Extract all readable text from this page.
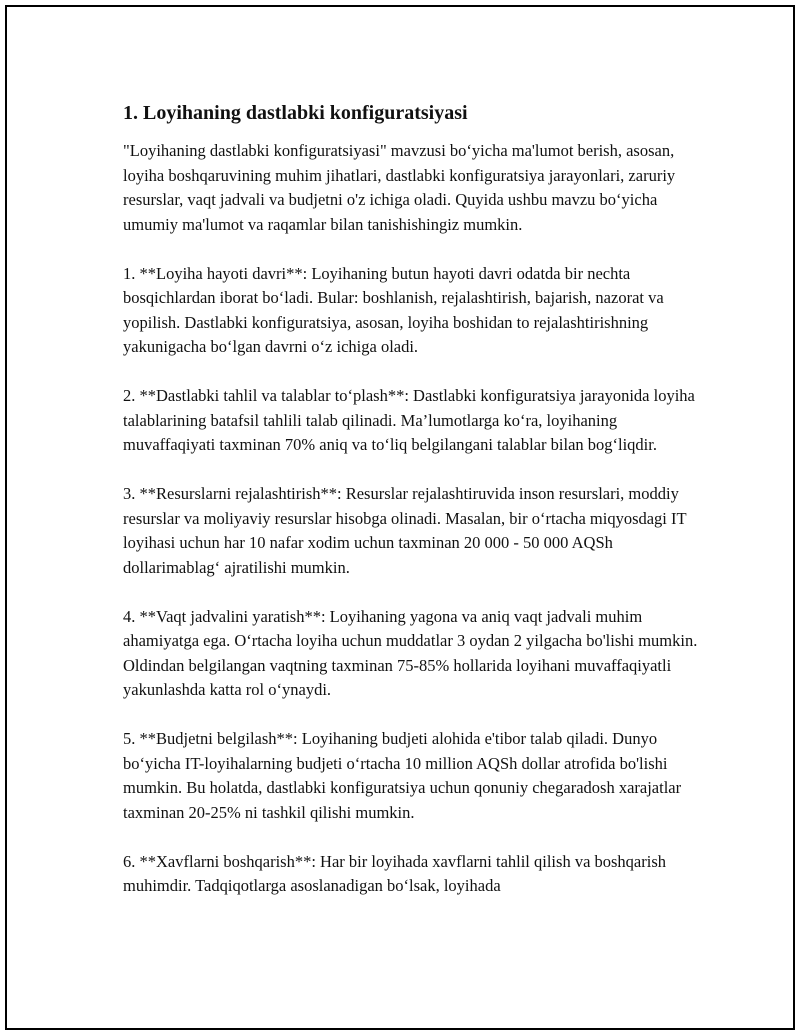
1. Loyihaning dastlabki konfiguratsiyasi

"Loyihaning dastlabki konfiguratsiyasi" mavzusi bo‘yicha ma'lumot berish, asosan, loyiha boshqaruvining muhim jihatlari, dastlabki konfiguratsiya jarayonlari, zaruriy resurslar, vaqt jadvali va budjetni o'z ichiga oladi. Quyida ushbu mavzu bo‘yicha umumiy ma'lumot va raqamlar bilan tanishishingiz mumkin.

1. **Loyiha hayoti davri**: Loyihaning butun hayoti davri odatda bir nechta bosqichlardan iborat bo‘ladi. Bular: boshlanish, rejalashtirish, bajarish, nazorat va yopilish. Dastlabki konfiguratsiya, asosan, loyiha boshidan to rejalashtirishning yakunigacha bo‘lgan davrni o‘z ichiga oladi.

2. **Dastlabki tahlil va talablar to‘plash**: Dastlabki konfiguratsiya jarayonida loyiha talablarining batafsil tahlili talab qilinadi. Ma’lumotlarga ko‘ra, loyihaning muvaffaqiyati taxminan 70% aniq va to‘liq belgilangani talablar bilan bog‘liqdir.

3. **Resurslarni rejalashtirish**: Resurslar rejalashtiruvida inson resurslari, moddiy resurslar va moliyaviy resurslar hisobga olinadi. Masalan, bir o‘rtacha miqyosdagi IT loyihasi uchun har 10 nafar xodim uchun taxminan 20 000 - 50 000 AQSh dollarimablag‘ ajratilishi mumkin.

4. **Vaqt jadvalini yaratish**: Loyihaning yagona va aniq vaqt jadvali muhim ahamiyatga ega. O‘rtacha loyiha uchun muddatlar 3 oydan 2 yilgacha bo'lishi mumkin. Oldindan belgilangan vaqtning taxminan 75-85% hollarida loyihani muvaffaqiyatli yakunlashda katta rol o‘ynaydi.

5. **Budjetni belgilash**: Loyihaning budjeti alohida e'tibor talab qiladi. Dunyo bo‘yicha IT-loyihalarning budjeti o‘rtacha 10 million AQSh dollar atrofida bo'lishi mumkin. Bu holatda, dastlabki konfiguratsiya uchun qonuniy chegaradosh xarajatlar taxminan 20-25% ni tashkil qilishi mumkin.

6. **Xavflarni boshqarish**: Har bir loyihada xavflarni tahlil qilish va boshqarish muhimdir. Tadqiqotlarga asoslanadigan bo‘lsak, loyihada
